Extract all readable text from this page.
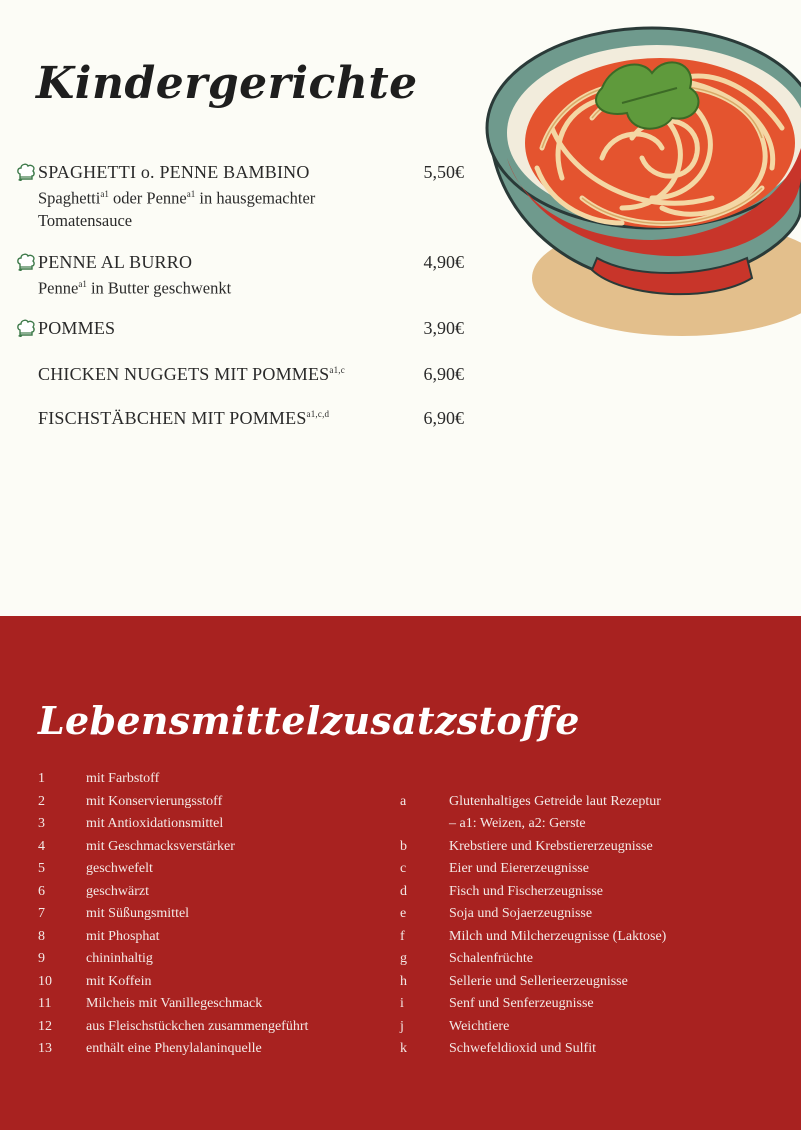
Kindergerichte
SPAGHETTI o. PENNE BAMBINO	5,50€
Spaghetti$^{a1}$ oder Penne$^{a1}$ in hausgemachter Tomatensauce
PENNE AL BURRO	4,90€
Penne$^{a1}$ in Butter geschwenkt
POMMES	3,90€
CHICKEN NUGGETS MIT $POMMES^{a1,c}$	6,90€
FISCHSTÄBCHEN MIT $POMMES^{a1,c,d}$	6,90€
Lebensmittelzusatzstoffe
1	mit Farbstoff
2	mit Konservierungsstoff
3	mit Antioxidationsmittel
4	mit Geschmacksverstärker
5	geschwefelt
6	geschwärzt
7	mit Süßungsmittel
8	mit Phosphat
9	chininhaltig
10	mit Koffein
11	Milcheis mit Vanillegeschmack
12	aus Fleischstückchen zusammengeführt
13	enthält eine Phenylalaninquelle
a	Glutenhaltiges Getreide laut Rezeptur
– a1: Weizen, a2: Gerste
b	Krebstiere und Krebstiererzeugnisse
c	Eier und Eiererzeugnisse
d	Fisch und Fischerzeugnisse
e	Soja und Sojaerzeugnisse
f	Milch und Milcherzeugnisse (Laktose)
g	Schalenfrüchte
h	Sellerie und Sellerieerzeugnisse
i	Senf und Senferzeugnisse
j	Weichtiere
k	Schwefeldioxid und Sulfit
